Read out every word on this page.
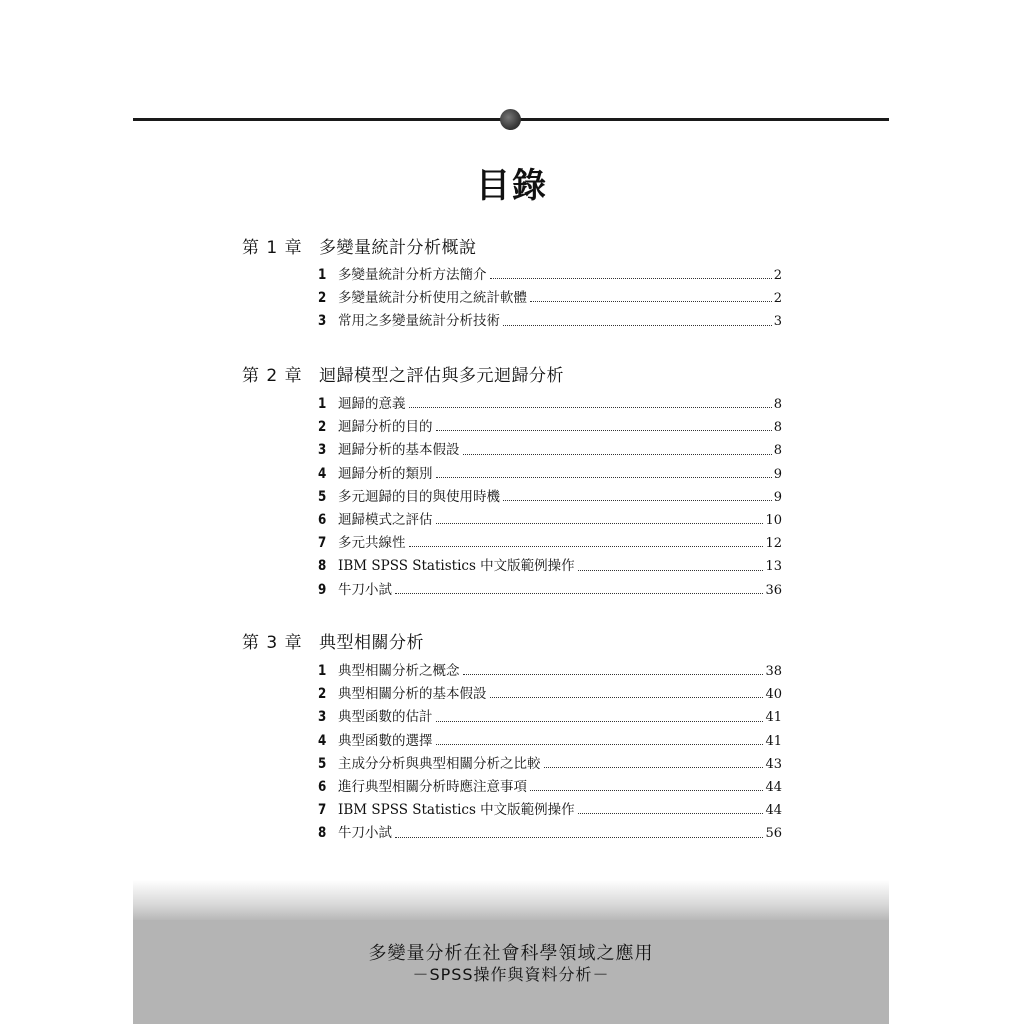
目錄
第 1 章 多變量統計分析概說
1 多變量統計分析方法簡介	2
2 多變量統計分析使用之統計軟體	2
3 常用之多變量統計分析技術	3
第 2 章 迴歸模型之評估與多元迴歸分析
1 迴歸的意義	8
2 迴歸分析的目的	8
3 迴歸分析的基本假設	8
4 迴歸分析的類別	9
5 多元迴歸的目的與使用時機	9
6 迴歸模式之評估	10
7 多元共線性	12
8 IBM SPSS Statistics 中文版範例操作	13
9 牛刀小試	36
第 3 章 典型相關分析
1 典型相關分析之概念	38
2 典型相關分析的基本假設	40
3 典型函數的估計	41
4 典型函數的選擇	41
5 主成分分析與典型相關分析之比較	43
6 進行典型相關分析時應注意事項	44
7 IBM SPSS Statistics 中文版範例操作	44
8 牛刀小試	56
多變量分析在社會科學領域之應用
－SPSS操作與資料分析－
